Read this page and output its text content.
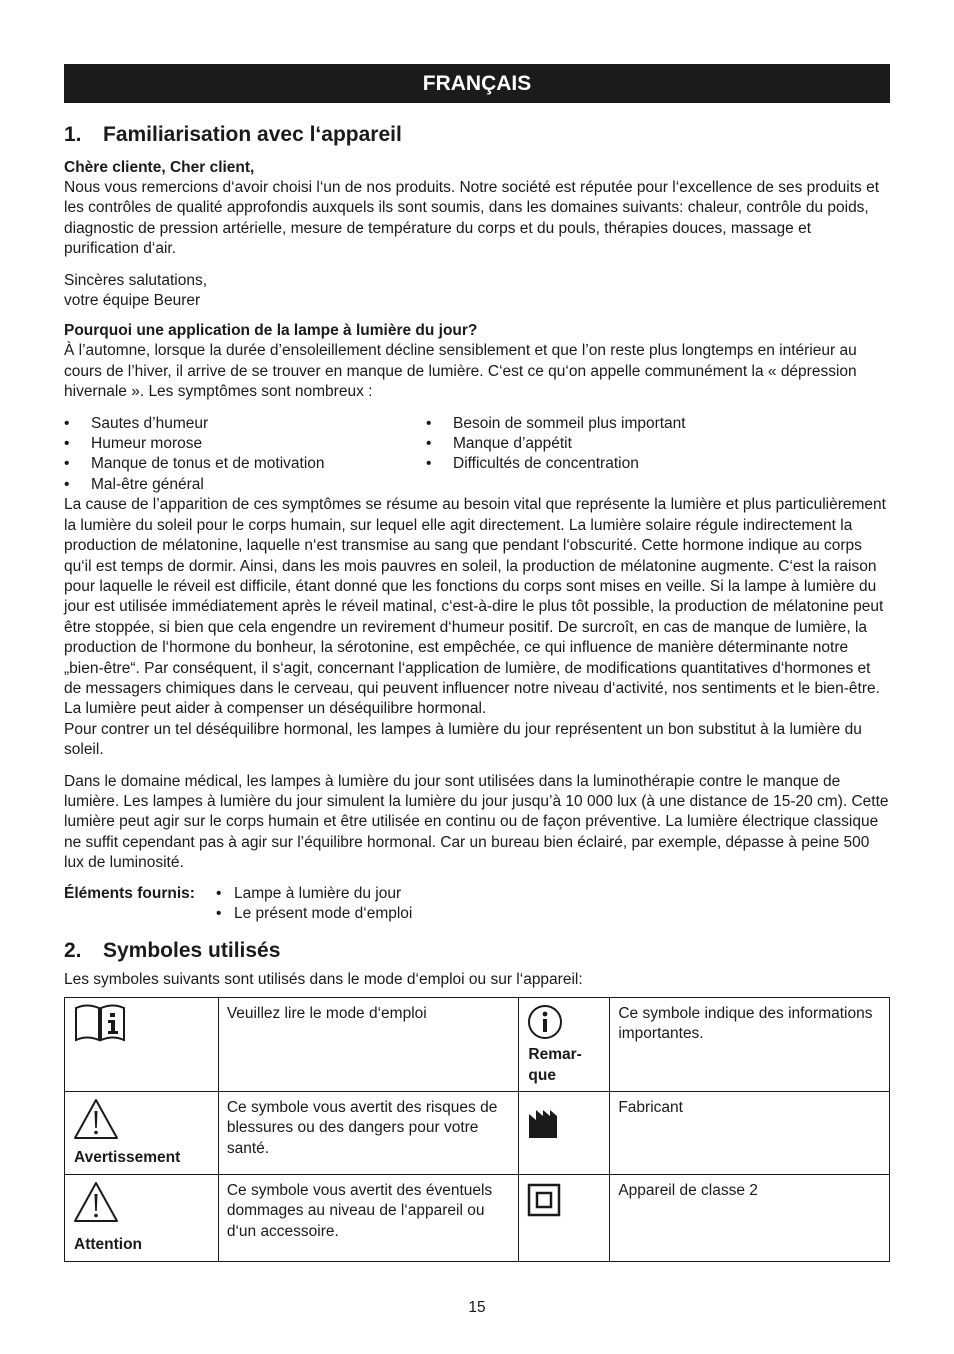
FRANÇAIS
1.	Familiarisation avec l‘appareil
Chère cliente, Cher client,

Nous vous remercions d‘avoir choisi l‘un de nos produits. Notre société est réputée pour l‘excellence de ses produits et les contrôles de qualité approfondis auxquels ils sont soumis, dans les domaines suivants: chaleur, contrôle du poids, diagnostic de pression artérielle, mesure de température du corps et du pouls, thérapies douces, massage et purification d‘air.

Sincères salutations,

votre équipe Beurer

Pourquoi une application de la lampe à lumière du jour?

À l’automne, lorsque la durée d’ensoleillement décline sensiblement et que l’on reste plus longtemps en intérieur au cours de l’hiver, il arrive de se trouver en manque de lumière. C‘est ce qu‘on appelle communément la « dépression hivernale ». Les symptômes sont nombreux :

• Sautes d’humeur
• Humeur morose
• Manque de tonus et de motivation
• Mal-être général
• Besoin de sommeil plus important
• Manque d’appétit
• Difficultés de concentration

La cause de l’apparition de ces symptômes se résume au besoin vital que représente la lumière et plus particulièrement la lumière du soleil pour le corps humain, sur lequel elle agit directement. La lumière solaire régule indirectement la production de mélatonine, laquelle n‘est transmise au sang que pendant l‘obscurité. Cette hormone indique au corps qu‘il est temps de dormir. Ainsi, dans les mois pauvres en soleil, la production de mélatonine augmente. C‘est la raison pour laquelle le réveil est difficile, étant donné que les fonctions du corps sont mises en veille. Si la lampe à lumière du jour est utilisée immédiatement après le réveil matinal, c‘est-à-dire le plus tôt possible, la production de mélatonine peut être stoppée, si bien que cela engendre un revirement d‘humeur positif. De surcroît, en cas de manque de lumière, la production de l‘hormone du bonheur, la sérotonine, est empêchée, ce qui influence de manière déterminante notre „bien-être“. Par conséquent, il s‘agit, concernant l‘application de lumière, de modifications quantitatives d‘hormones et de messagers chimiques dans le cerveau, qui peuvent influencer notre niveau d‘activité, nos sentiments et le bien-être. La lumière peut aider à compenser un déséquilibre hormonal.

Pour contrer un tel déséquilibre hormonal, les lampes à lumière du jour représentent un bon substitut à la lumière du soleil.

Dans le domaine médical, les lampes à lumière du jour sont utilisées dans la luminothérapie contre le manque de lumière. Les lampes à lumière du jour simulent la lumière du jour jusqu’à 10 000 lux (à une distance de 15-20 cm). Cette lumière peut agir sur le corps humain et être utilisée en continu ou de façon préventive. La lumière électrique classique ne suffit cependant pas à agir sur l’équilibre hormonal. Car un bureau bien éclairé, par exemple, dépasse à peine 500 lux de luminosité.

Éléments fournis:	• Lampe à lumière du jour
• Le présent mode d‘emploi
2.	Symboles utilisés

Les symboles suivants sont utilisés dans le mode d‘emploi ou sur l‘appareil:

	Veuillez lire le mode d‘emploi	Remar-
que	Ce symbole indique des informations importantes.

Avertissement	Ce symbole vous avertit des risques de blessures ou des dangers pour votre santé.		Fabricant

Attention	Ce symbole vous avertit des éventuels dommages au niveau de l‘appareil ou d‘un accessoire.		Appareil de classe 2
15
